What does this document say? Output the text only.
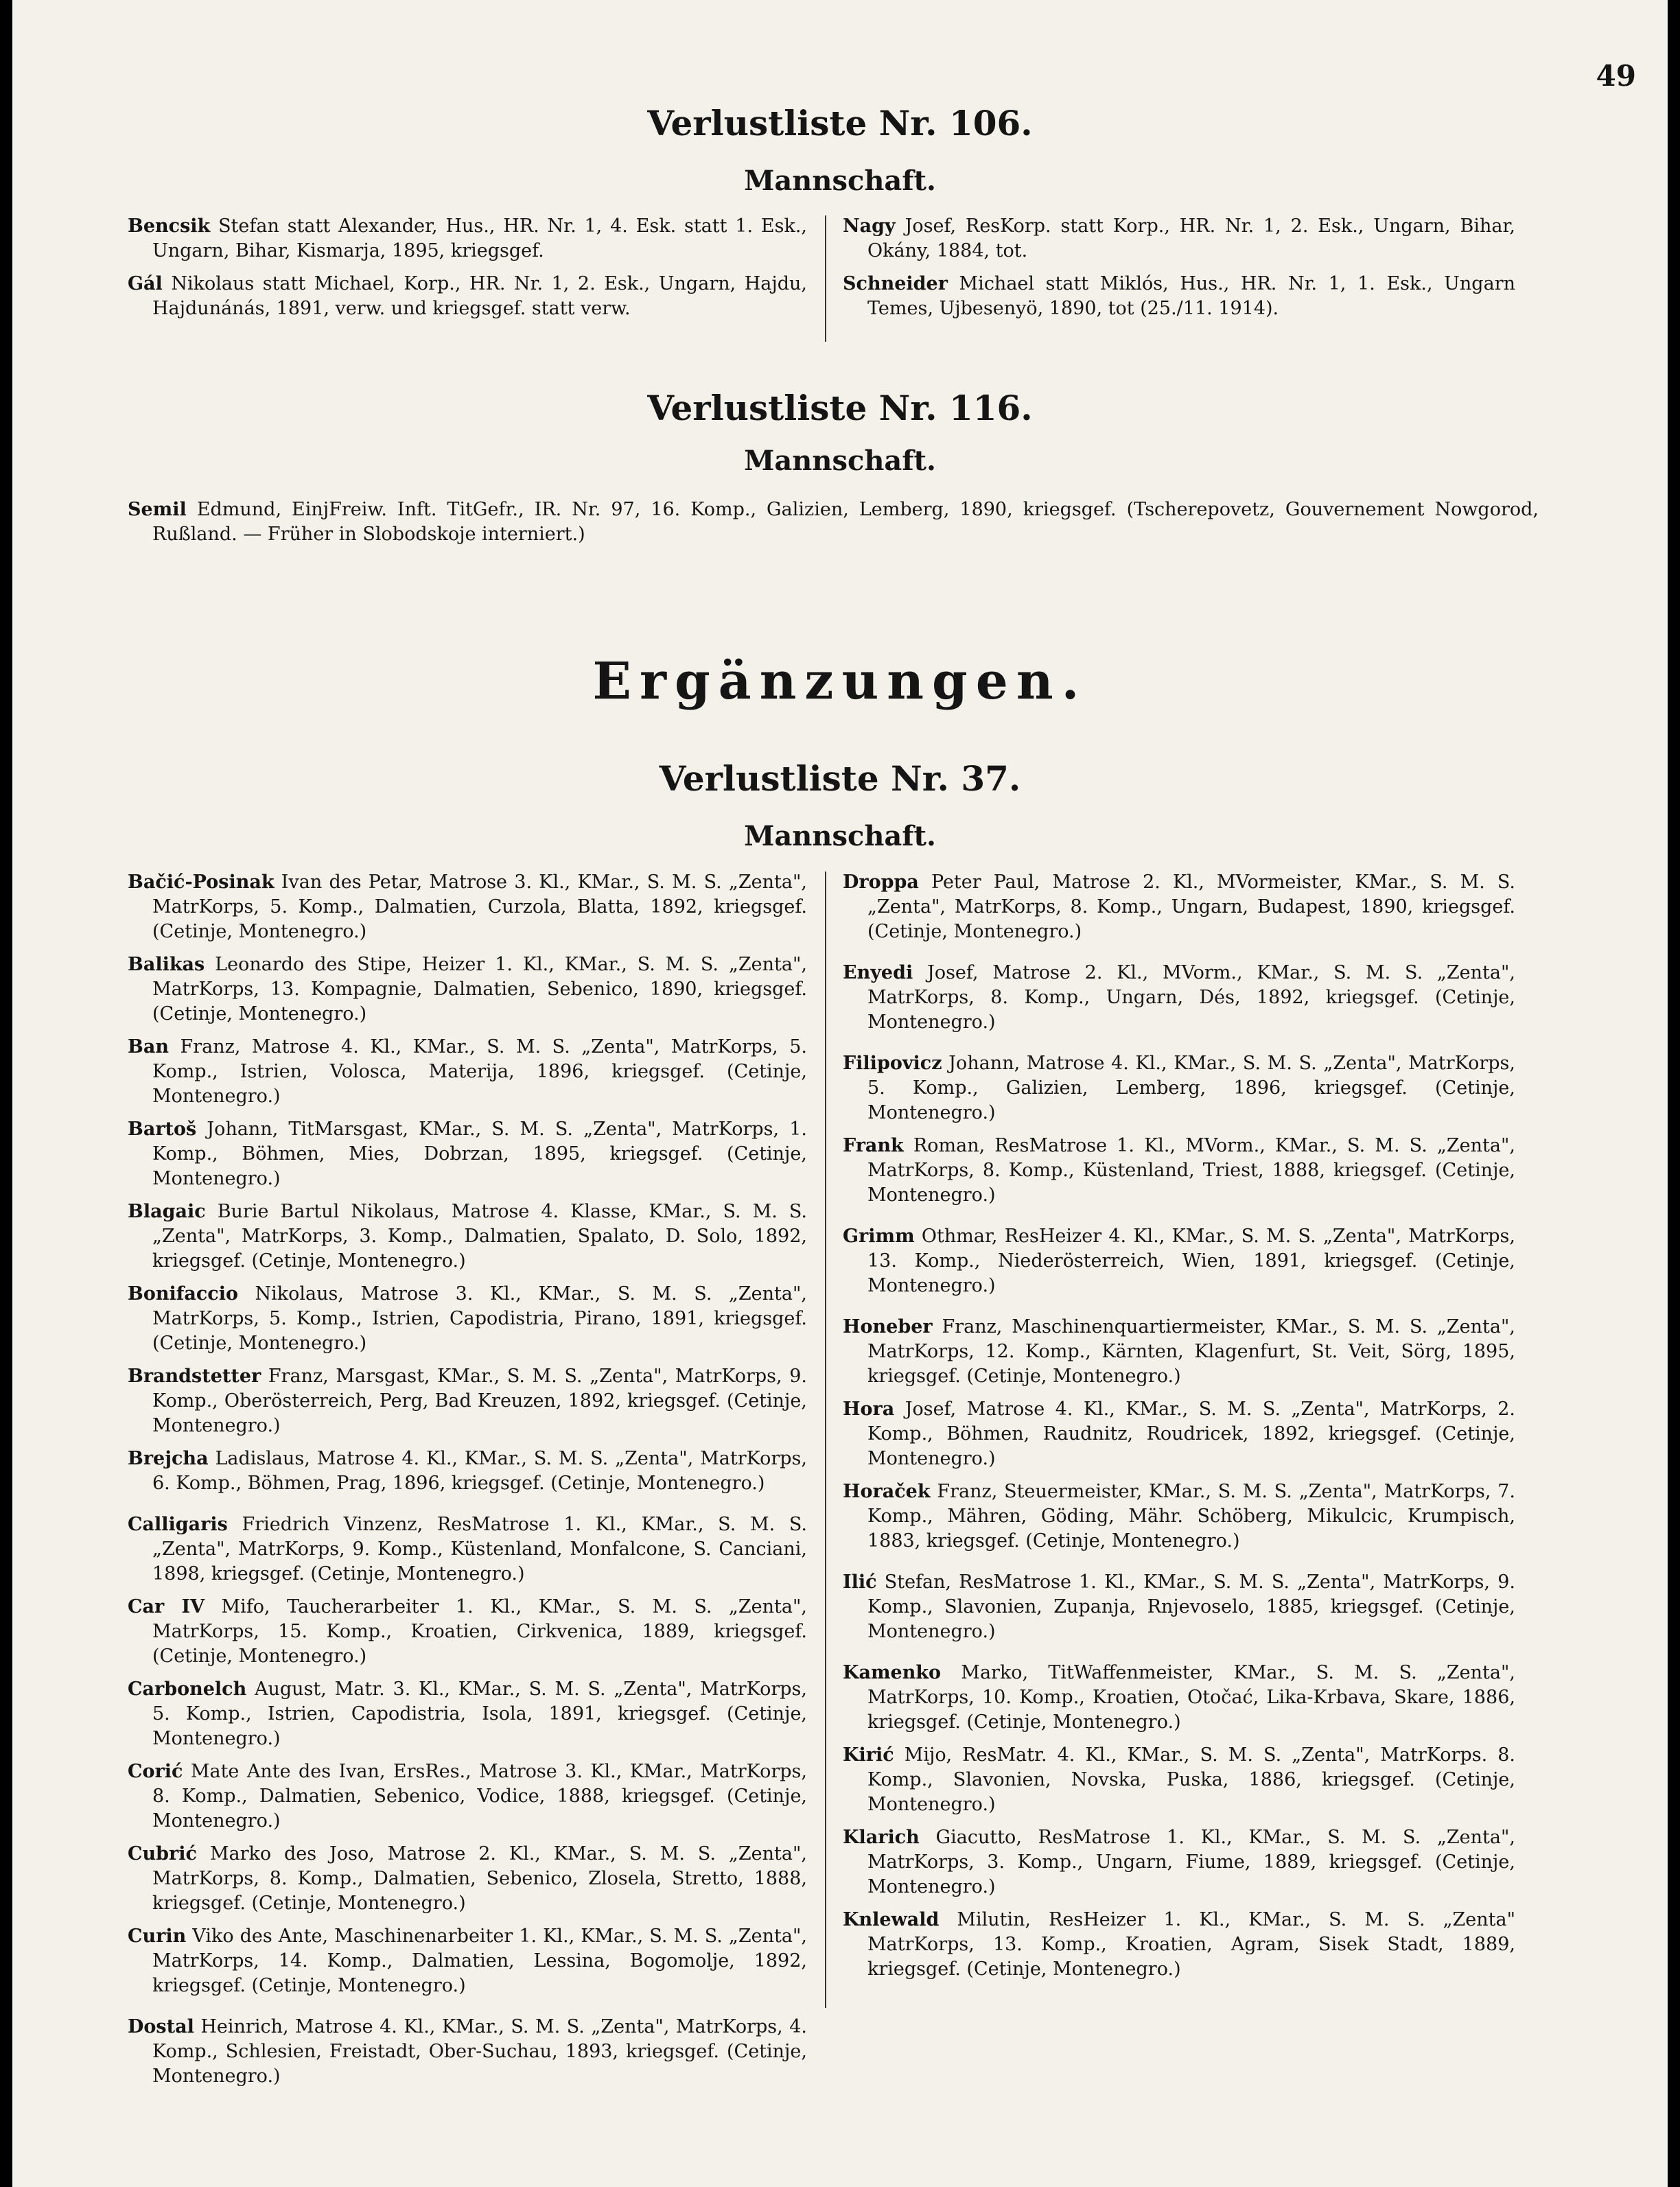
49
Verlustliste Nr. 106.
Mannschaft.
Bencsik Stefan statt Alexander, Hus., HR. Nr. 1, 4. Esk. statt 1. Esk., Ungarn, Bihar, Kismarja, 1895, kriegsgef.
Gál Nikolaus statt Michael, Korp., HR. Nr. 1, 2. Esk., Ungarn, Hajdu, Hajdunánás, 1891, verw. und kriegsgef. statt verw.
Nagy Josef, ResKorp. statt Korp., HR. Nr. 1, 2. Esk., Ungarn, Bihar, Okány, 1884, tot.
Schneider Michael statt Miklós, Hus., HR. Nr. 1, 1. Esk., Ungarn Temes, Ujbesenyö, 1890, tot (25./11. 1914).
Verlustliste Nr. 116.
Mannschaft.
Semil Edmund, EinjFreiw. Inft. TitGefr., IR. Nr. 97, 16. Komp., Galizien, Lemberg, 1890, kriegsgef. (Tscherepovetz, Gouvernement Nowgorod, Rußland. — Früher in Slobodskoje interniert.)
Ergänzungen.
Verlustliste Nr. 37.
Mannschaft.
Bačić-Posinak Ivan des Petar, Matrose 3. Kl., KMar., S. M. S. „Zenta", MatrKorps, 5. Komp., Dalmatien, Curzola, Blatta, 1892, kriegsgef. (Cetinje, Montenegro.)
Balikas Leonardo des Stipe, Heizer 1. Kl., KMar., S. M. S. „Zenta", MatrKorps, 13. Kompagnie, Dalmatien, Sebenico, 1890, kriegsgef. (Cetinje, Montenegro.)
Ban Franz, Matrose 4. Kl., KMar., S. M. S. „Zenta", MatrKorps, 5. Komp., Istrien, Volosca, Materija, 1896, kriegsgef. (Cetinje, Montenegro.)
Bartoš Johann, TitMarsgast, KMar., S. M. S. „Zenta", MatrKorps, 1. Komp., Böhmen, Mies, Dobrzan, 1895, kriegsgef. (Cetinje, Montenegro.)
Blagaic Burie Bartul Nikolaus, Matrose 4. Klasse, KMar., S. M. S. „Zenta", MatrKorps, 3. Komp., Dalmatien, Spalato, D. Solo, 1892, kriegsgef. (Cetinje, Montenegro.)
Bonifaccio Nikolaus, Matrose 3. Kl., KMar., S. M. S. „Zenta", MatrKorps, 5. Komp., Istrien, Capodistria, Pirano, 1891, kriegsgef. (Cetinje, Montenegro.)
Brandstetter Franz, Marsgast, KMar., S. M. S. „Zenta", MatrKorps, 9. Komp., Oberösterreich, Perg, Bad Kreuzen, 1892, kriegsgef. (Cetinje, Montenegro.)
Brejcha Ladislaus, Matrose 4. Kl., KMar., S. M. S. „Zenta", MatrKorps, 6. Komp., Böhmen, Prag, 1896, kriegsgef. (Cetinje, Montenegro.)
Calligaris Friedrich Vinzenz, ResMatrose 1. Kl., KMar., S. M. S. „Zenta", MatrKorps, 9. Komp., Küstenland, Monfalcone, S. Canciani, 1898, kriegsgef. (Cetinje, Montenegro.)
Car IV Mifo, Taucherarbeiter 1. Kl., KMar., S. M. S. „Zenta", MatrKorps, 15. Komp., Kroatien, Cirkvenica, 1889, kriegsgef. (Cetinje, Montenegro.)
Carbonelch August, Matr. 3. Kl., KMar., S. M. S. „Zenta", MatrKorps, 5. Komp., Istrien, Capodistria, Isola, 1891, kriegsgef. (Cetinje, Montenegro.)
Corić Mate Ante des Ivan, ErsRes., Matrose 3. Kl., KMar., MatrKorps, 8. Komp., Dalmatien, Sebenico, Vodice, 1888, kriegsgef. (Cetinje, Montenegro.)
Cubrić Marko des Joso, Matrose 2. Kl., KMar., S. M. S. „Zenta", MatrKorps, 8. Komp., Dalmatien, Sebenico, Zlosela, Stretto, 1888, kriegsgef. (Cetinje, Montenegro.)
Curin Viko des Ante, Maschinenarbeiter 1. Kl., KMar., S. M. S. „Zenta", MatrKorps, 14. Komp., Dalmatien, Lessina, Bogomolje, 1892, kriegsgef. (Cetinje, Montenegro.)
Dostal Heinrich, Matrose 4. Kl., KMar., S. M. S. „Zenta", MatrKorps, 4. Komp., Schlesien, Freistadt, Ober-Suchau, 1893, kriegsgef. (Cetinje, Montenegro.)
Droppa Peter Paul, Matrose 2. Kl., MVormeister, KMar., S. M. S. „Zenta", MatrKorps, 8. Komp., Ungarn, Budapest, 1890, kriegsgef. (Cetinje, Montenegro.)
Enyedi Josef, Matrose 2. Kl., MVorm., KMar., S. M. S. „Zenta", MatrKorps, 8. Komp., Ungarn, Dés, 1892, kriegsgef. (Cetinje, Montenegro.)
Filipovicz Johann, Matrose 4. Kl., KMar., S. M. S. „Zenta", MatrKorps, 5. Komp., Galizien, Lemberg, 1896, kriegsgef. (Cetinje, Montenegro.)
Frank Roman, ResMatrose 1. Kl., MVorm., KMar., S. M. S. „Zenta", MatrKorps, 8. Komp., Küstenland, Triest, 1888, kriegsgef. (Cetinje, Montenegro.)
Grimm Othmar, ResHeizer 4. Kl., KMar., S. M. S. „Zenta", MatrKorps, 13. Komp., Niederösterreich, Wien, 1891, kriegsgef. (Cetinje, Montenegro.)
Honeber Franz, Maschinenquartiermeister, KMar., S. M. S. „Zenta", MatrKorps, 12. Komp., Kärnten, Klagenfurt, St. Veit, Sörg, 1895, kriegsgef. (Cetinje, Montenegro.)
Hora Josef, Matrose 4. Kl., KMar., S. M. S. „Zenta", MatrKorps, 2. Komp., Böhmen, Raudnitz, Roudricek, 1892, kriegsgef. (Cetinje, Montenegro.)
Horaček Franz, Steuermeister, KMar., S. M. S. „Zenta", MatrKorps, 7. Komp., Mähren, Göding, Mähr. Schöberg, Mikulcic, Krumpisch, 1883, kriegsgef. (Cetinje, Montenegro.)
Ilić Stefan, ResMatrose 1. Kl., KMar., S. M. S. „Zenta", MatrKorps, 9. Komp., Slavonien, Zupanja, Rnjevoselo, 1885, kriegsgef. (Cetinje, Montenegro.)
Kamenko Marko, TitWaffenmeister, KMar., S. M. S. „Zenta", MatrKorps, 10. Komp., Kroatien, Otočać, Lika-Krbava, Skare, 1886, kriegsgef. (Cetinje, Montenegro.)
Kirić Mijo, ResMatr. 4. Kl., KMar., S. M. S. „Zenta", MatrKorps. 8. Komp., Slavonien, Novska, Puska, 1886, kriegsgef. (Cetinje, Montenegro.)
Klarich Giacutto, ResMatrose 1. Kl., KMar., S. M. S. „Zenta", MatrKorps, 3. Komp., Ungarn, Fiume, 1889, kriegsgef. (Cetinje, Montenegro.)
Knlewald Milutin, ResHeizer 1. Kl., KMar., S. M. S. „Zenta" MatrKorps, 13. Komp., Kroatien, Agram, Sisek Stadt, 1889, kriegsgef. (Cetinje, Montenegro.)
